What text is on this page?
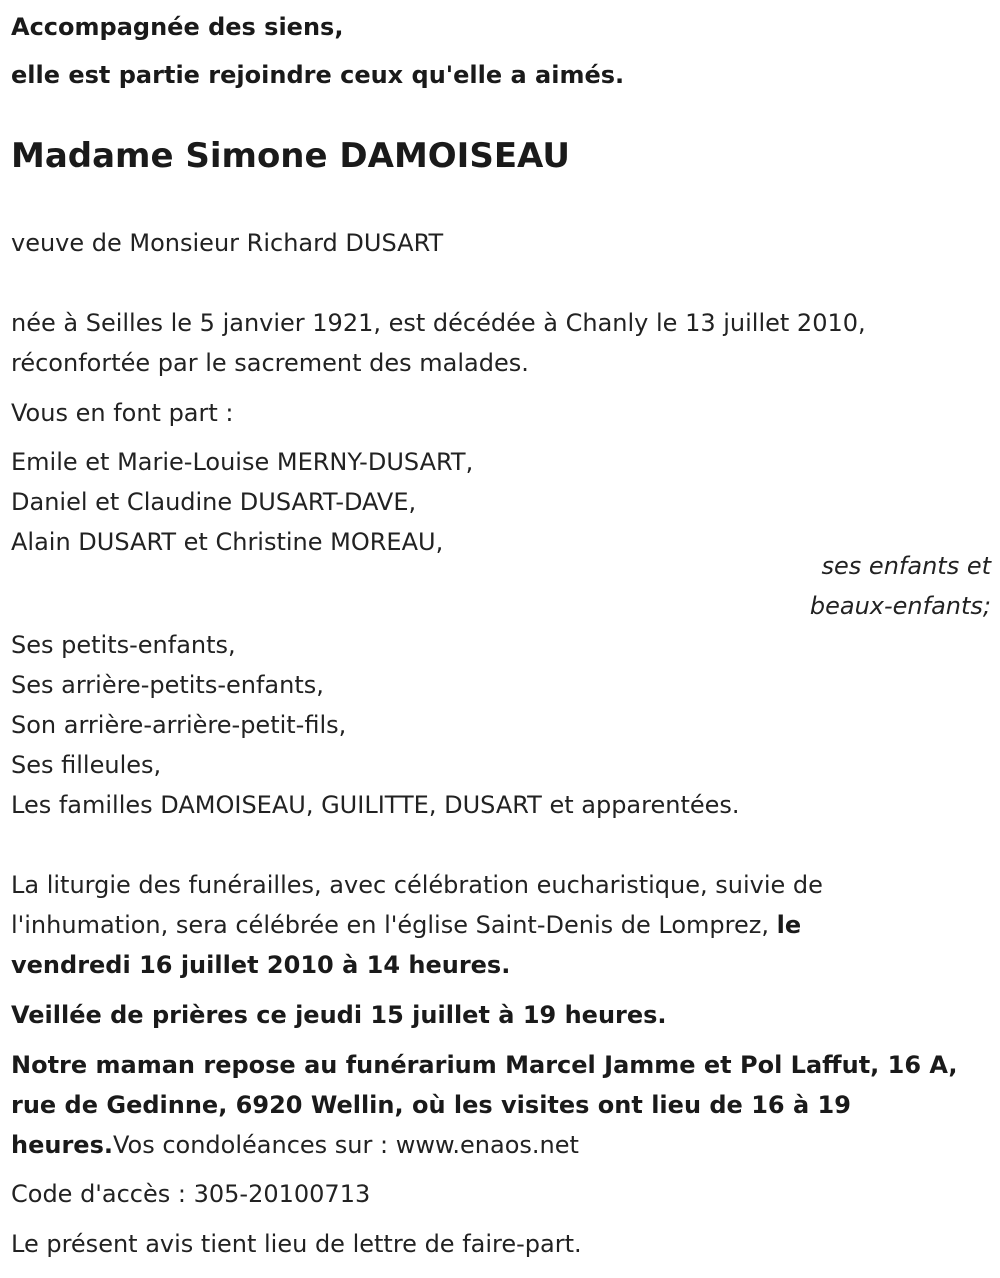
Accompagnée des siens,
elle est partie rejoindre ceux qu'elle a aimés.
Madame Simone DAMOISEAU
veuve de Monsieur Richard DUSART
née à Seilles le 5 janvier 1921, est décédée à Chanly le 13 juillet 2010,
réconfortée par le sacrement des malades.
Vous en font part :
Emile et Marie-Louise MERNY-DUSART,
Daniel et Claudine DUSART-DAVE,
Alain DUSART et Christine MOREAU,
ses enfants et
beaux-enfants;
Ses petits-enfants,
Ses arrière-petits-enfants,
Son arrière-arrière-petit-fils,
Ses filleules,
Les familles DAMOISEAU, GUILITTE, DUSART et apparentées.
La liturgie des funérailles, avec célébration eucharistique, suivie de
l'inhumation, sera célébrée en l'église Saint-Denis de Lomprez, le
vendredi 16 juillet 2010 à 14 heures.
Veillée de prières ce jeudi 15 juillet à 19 heures.
Notre maman repose au funérarium Marcel Jamme et Pol Laffut, 16 A,
rue de Gedinne, 6920 Wellin, où les visites ont lieu de 16 à 19
heures.Vos condoléances sur : www.enaos.net
Code d'accès : 305-20100713
Le présent avis tient lieu de lettre de faire-part.
